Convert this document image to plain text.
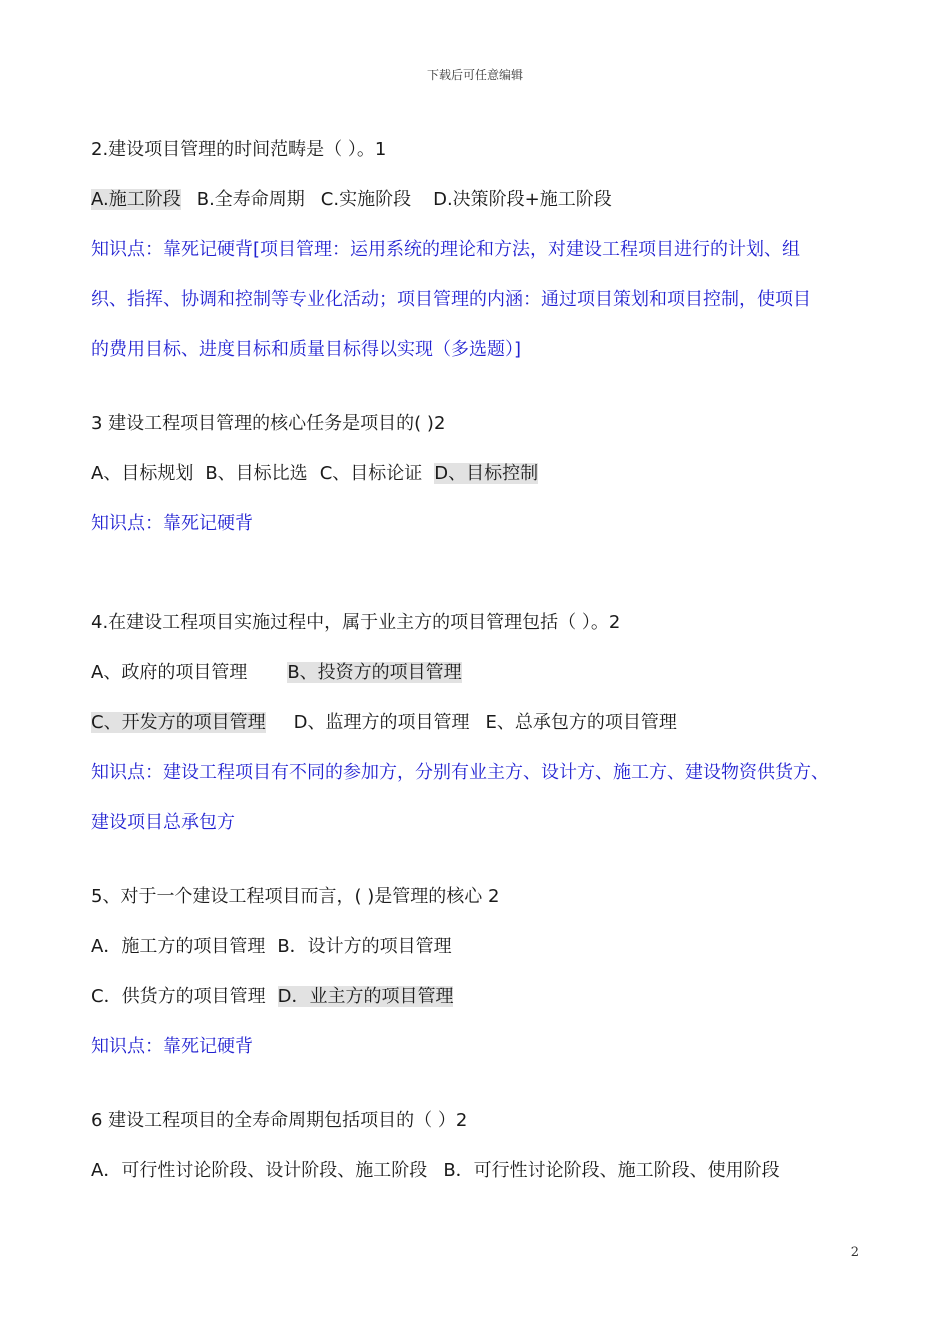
下载后可任意编辑
2.建设项目管理的时间范畴是（ ）。1
A.施工阶段 B.全寿命周期 C.实施阶段 D.决策阶段+施工阶段
知识点：靠死记硬背[项目管理：运用系统的理论和方法，对建设工程项目进行的计划、组
织、指挥、协调和控制等专业化活动；项目管理的内涵：通过项目策划和项目控制，使项目
的费用目标、进度目标和质量目标得以实现（多选题）]
3 建设工程项目管理的核心任务是项目的( )2
A、目标规划 B、目标比选 C、目标论证 D、目标控制
知识点：靠死记硬背
4.在建设工程项目实施过程中，属于业主方的项目管理包括（ ）。2
A、政府的项目管理 B、投资方的项目管理
C、开发方的项目管理 D、监理方的项目管理 E、总承包方的项目管理
知识点：建设工程项目有不同的参加方，分别有业主方、设计方、施工方、建设物资供货方、
建设项目总承包方
5、对于一个建设工程项目而言，( )是管理的核心 2
A．施工方的项目管理 B．设计方的项目管理
C．供货方的项目管理 D．业主方的项目管理
知识点：靠死记硬背
6 建设工程项目的全寿命周期包括项目的（ ）2
A．可行性讨论阶段、设计阶段、施工阶段 B．可行性讨论阶段、施工阶段、使用阶段
2
